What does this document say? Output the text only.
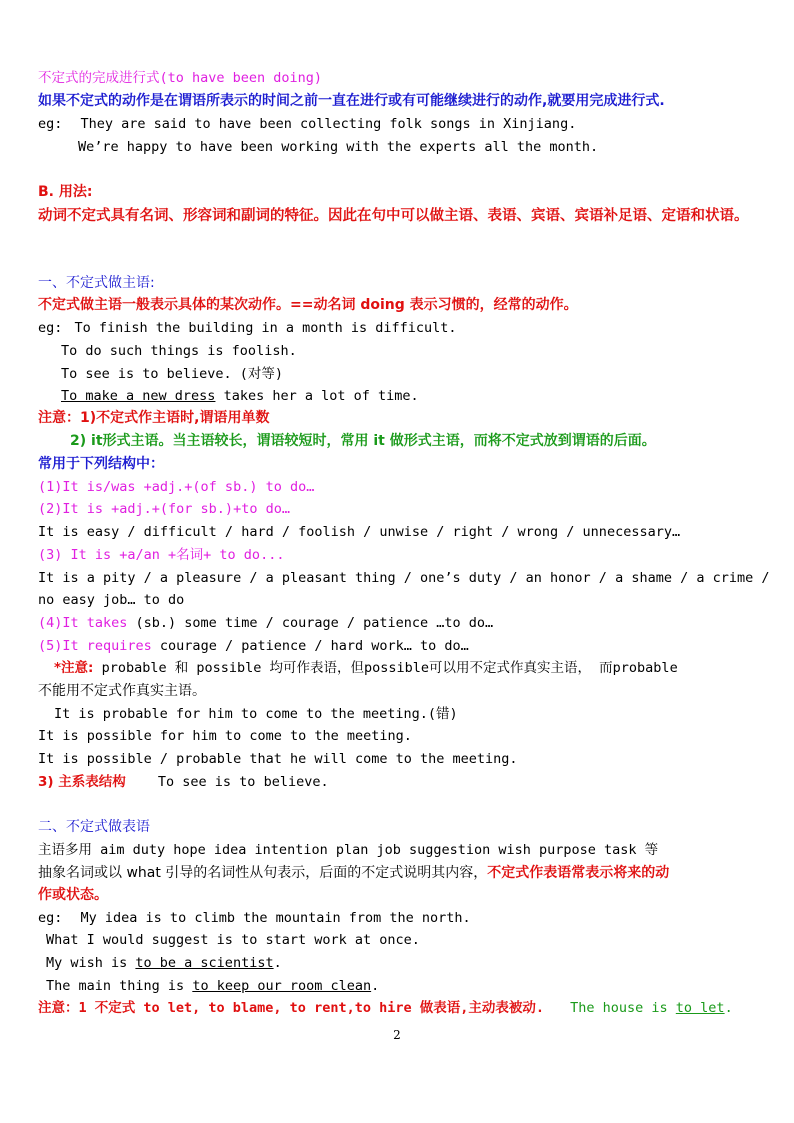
不定式的完成进行式(to have been doing)
如果不定式的动作是在谓语所表示的时间之前一直在进行或有可能继续进行的动作,就要用完成进行式.
eg: They are said to have been collecting folk songs in Xinjiang.
We’re happy to have been working with the experts all the month.
B. 用法:
动词不定式具有名词、形容词和副词的特征。因此在句中可以做主语、表语、宾语、宾语补足语、定语和状语。
一、不定式做主语:
不定式做主语一般表示具体的某次动作。==动名词 doing 表示习惯的，经常的动作。
eg: To finish the building in a month is difficult.
To do such things is foolish.
To see is to believe. (对等)
To make a new dress takes her a lot of time.
注意：1)不定式作主语时,谓语用单数
2) it形式主语。当主语较长，谓语较短时，常用 it 做形式主语，而将不定式放到谓语的后面。
常用于下列结构中：
(1)It is/was +adj.+(of sb.) to do…
(2)It is +adj.+(for sb.)+to do…
It is easy / difficult / hard / foolish / unwise / right / wrong / unnecessary…
(3) It is +a/an +名词+ to do...
It is a pity / a pleasure / a pleasant thing / one’s duty / an honor / a shame / a crime /
no easy job… to do
(4)It takes (sb.) some time / courage / patience …to do…
(5)It requires courage / patience / hard work… to do…
*注意: probable 和 possible 均可作表语，但possible可以用不定式作真实主语， 而probable
不能用不定式作真实主语。
It is probable for him to come to the meeting.(错)
It is possible for him to come to the meeting.
It is possible / probable that he will come to the meeting.
3) 主系表结构 To see is to believe.
二、不定式做表语
主语多用 aim duty hope idea intention plan job suggestion wish purpose task 等
抽象名词或以 what 引导的名词性从句表示，后面的不定式说明其内容，不定式作表语常表示将来的动
作或状态。
eg: My idea is to climb the mountain from the north.
What I would suggest is to start work at once.
My wish is to be a scientist.
The main thing is to keep our room clean.
注意：1 不定式 to let, to blame, to rent,to hire 做表语,主动表被动. The house is to let.
2
